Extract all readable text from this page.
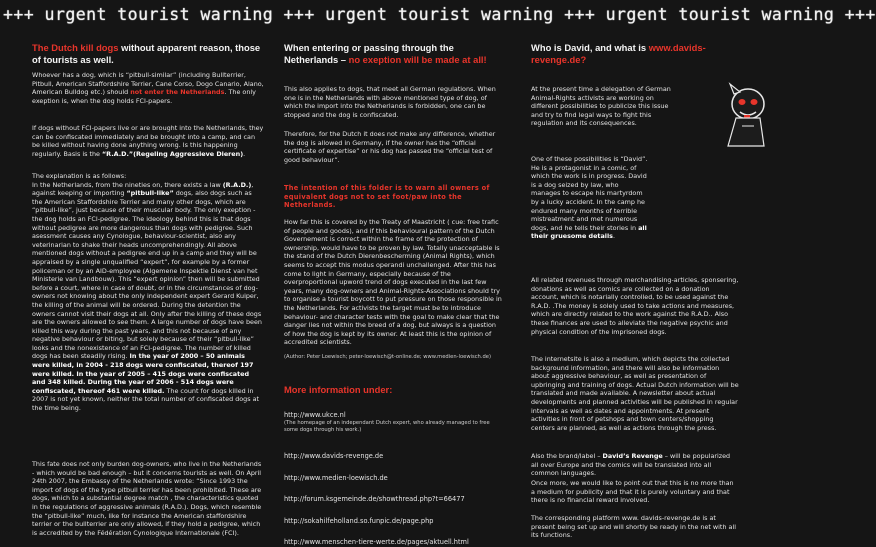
+++ urgent tourist warning +++ urgent tourist warning +++ urgent tourist warning +++
The Dutch kill dogs without apparent reason, those of tourists as well.
Whoever has a dog, which is “pitbull-similar” (including Bullterrier, Pitbull, American Staffordshire Terrier, Cane Corso, Dogo Canario, Alano, American Bulldog etc.) should not enter the Netherlands. The only exeption is, when the dog holds FCI-papers.
If dogs without FCI-papers live or are brought into the Netherlands, they can be confiscated immediately and be brought into a camp, and can be killed without having done anything wrong. Is this happening regularly. Basis is the “R.A.D.”(Regeling Aggressieve Dieren).
The explanation is as follows:
In the Netherlands, from the nineties on, there exists a law (R.A.D.), against keeping or importing “pitbull-like” dogs, also dogs such as the American Staffordshire Terrier and many other dogs, which are “pitbull-like”, just because of their muscular body. The only exeption - the dog holds an FCI-pedigree. The ideology behind this is that dogs without pedigree are more dangerous than dogs with pedigree. Such asessment causes any Cynologue, behaviour-scientist, also any veterinarian to shake their heads uncomprehendingly. All above mentioned dogs without a pedigree end up in a camp and they will be appraised by a single unqualified “expert”, for example by a former policeman or by an AID-employee (Algemene Inspektie Dienst van het Ministerie van Landbouw). This “expert opinion” then will be submitted before a court, where in case of doubt, or in the circumstances of dog-owners not knowing about the only independent expert Gerard Kuiper, the killing of the animal will be ordered. During the detention the owners cannot visit their dogs at all. Only after the killing of these dogs are the owners allowed to see them. A large number of dogs have been killed this way during the past years, and this not because of any negative behaviour or biting, but solely because of their “pitbull-like” looks and the nonexistence of an FCI-pedigree. The number of killed dogs has been steadily rising. In the year of 2000 – 50 animals were killed, in 2004 - 218 dogs were confiscated, thereof 197 were killed. In the year of 2005 – 415 dogs were confiscated and 348 killed. During the year of 2006 - 514 dogs were confiscated, thereof 461 were killed. The count for dogs killed in 2007 is not yet known, neither the total number of confiscated dogs at the time being.
This fate does not only burden dog-owners, who live in the Netherlands - which would be bad enough – but it concerns tourists as well. On April 24th 2007, the Embassy of the Netherlands wrote: “Since 1993 the import of dogs of the type pitbull terrier has been prohibited. These are dogs, which to a substantial degree match , the characteristics quoted in the regulations of aggressive animals (R.A.D.). Dogs, which resemble the “pitbull-like” much, like for instance the American staffordshire terrier or the bullterrier are only allowed, if they hold a pedigree, which is accredited by the Fédération Cynologique Internationale (FCI).
When entering or passing through the Netherlands – no exeption will be made at all!
This also applies to dogs, that meet all German regulations. When one is in the Netherlands with above mentioned type of dog, of which the import into the Netherlands is forbidden, one can be stopped and the dog is confiscated.
Therefore, for the Dutch it does not make any difference, whether the dog is allowed in Germany, if the owner has the “official certificate of expertise” or his dog has passed the “official test of good behaviour”.
The intention of this folder is to warn all owners of equivalent dogs not to set foot/paw into the Netherlands.
How far this is covered by the Treaty of Maastricht ( cue: free trafic of people and goods), and if this behavioural pattern of the Dutch Governement is correct within the frame of the protection of ownership, would have to be proven by law. Totally unacceptable is the stand of the Dutch Dierenbescherming (Animal Rights), which seems to accept this modus operandi unchallenged. After this has come to light in Germany, especially because of the overproportional upword trend of dogs executed in the last few years, many dog-owners and Animal-Rights-Associations should try to organise a tourist boycott to put pressure on those responsible in the Netherlands. For activists the target must be to introduce behaviour- and character tests with the goal to make clear that the danger lies not within the breed of a dog, but always is a question of how the dog is kept by its owner. At least this is the opinion of accredited scientists.
(Author: Peter Loewisch; peter-loewisch@t-online.de; www.medien-loewisch.de)
More information under:
http://www.ukce.nl
(The homepage of an independant Dutch expert, who already managed to free some dogs through his work.)
http://www.davids-revenge.de
http://www.medien-loewisch.de
http://forum.ksgemeinde.de/showthread.php?t=66477
http://sokahilfeholland.so.funpic.de/page.php
http://www.menschen-tiere-werte.de/pages/aktuell.html
Who is David, and what is www.davids-revenge.de?
At the present time a delegation of German Animal-Rights activists are working on different possibilities to publicize this issue and try to find legal ways to fight this regulation and its consequences.
One of these possibilities is “David”. He is a protagonist in a comic, of which the work is in progress. David is a dog seized by law, who manages to escape his martyrdom by a lucky accident. In the camp he endured many months of terrible mistreatment and met numerous dogs, and he tells their stories in all their gruesome details.
All related revenues through merchandising-articles, sponsering, donations as well as comics are collected on a donation account, which is notarially controlled, to be used against the R.A.D. .The money is solely used to take actions and measures, which are directly related to the work against the R.A.D.. Also these finances are used to alleviate the negative psychic and physical condition of the imprisoned dogs.
The internetsite is also a medium, which depicts the collected background information, and there will also be information about aggressive behaviour, as well as presentation of upbringing and training of dogs. Actual Dutch information will be translated and made available. A newsletter about actual developments and planned activities will be published in regular intervals as well as dates and appointments. At present activities in front of petshops and town centers/shopping centers are planned, as well as actions through the press.
Also the brand/label – David’s Revenge – will be popularized all over Europe and the comics will be translated into all common languages.
Once more, we would like to point out that this is no more than a medium for publicity and that it is purely voluntary and that there is no financial reward involved.
The corresponding platform www. davids-revenge.de is at present being set up and will shortly be ready in the net with all its functions.
